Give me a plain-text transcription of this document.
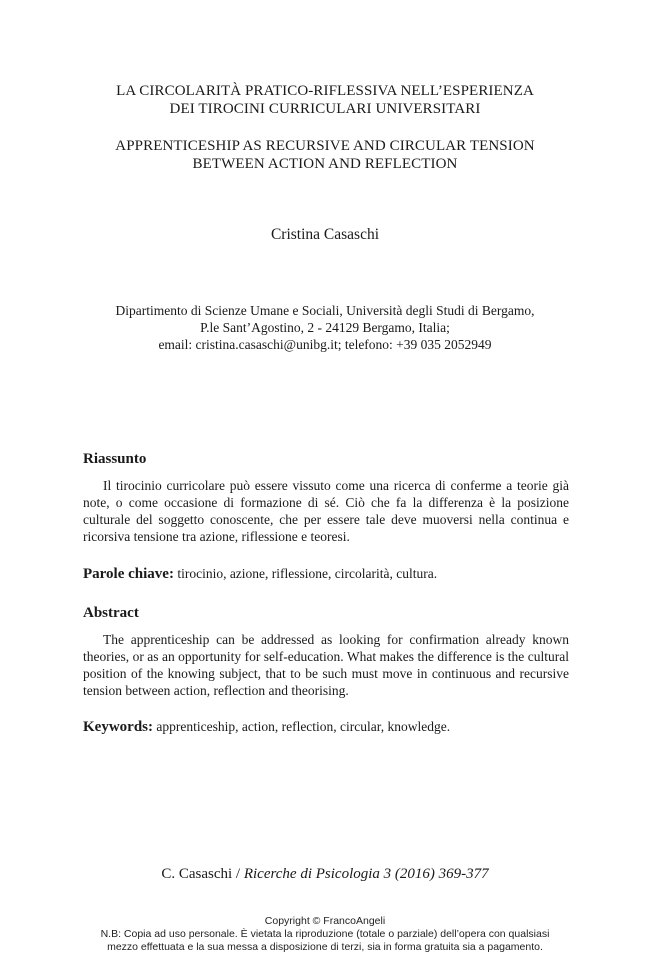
LA CIRCOLARITÀ PRATICO-RIFLESSIVA NELL’ESPERIENZA
DEI TIROCINI CURRICULARI UNIVERSITARI
APPRENTICESHIP AS RECURSIVE AND CIRCULAR TENSION
BETWEEN ACTION AND REFLECTION
Cristina Casaschi
Dipartimento di Scienze Umane e Sociali, Università degli Studi di Bergamo,
P.le Sant’Agostino, 2 - 24129 Bergamo, Italia;
email: cristina.casaschi@unibg.it; telefono: +39 035 2052949
Riassunto

Il tirocinio curricolare può essere vissuto come una ricerca di conferme a teorie già note, o come occasione di formazione di sé. Ciò che fa la differenza è la posizione culturale del soggetto conoscente, che per essere tale deve muoversi nella continua e ricorsiva tensione tra azione, riflessione e teoresi.

Parole chiave: tirocinio, azione, riflessione, circolarità, cultura.
Abstract

The apprenticeship can be addressed as looking for confirmation already known theories, or as an opportunity for self-education. What makes the difference is the cultural position of the knowing subject, that to be such must move in continuous and recursive tension between action, reflection and theorising.

Keywords: apprenticeship, action, reflection, circular, knowledge.
C. Casaschi / Ricerche di Psicologia 3 (2016) 369-377
Copyright © FrancoAngeli
N.B: Copia ad uso personale. È vietata la riproduzione (totale o parziale) dell’opera con qualsiasi
mezzo effettuata e la sua messa a disposizione di terzi, sia in forma gratuita sia a pagamento.
